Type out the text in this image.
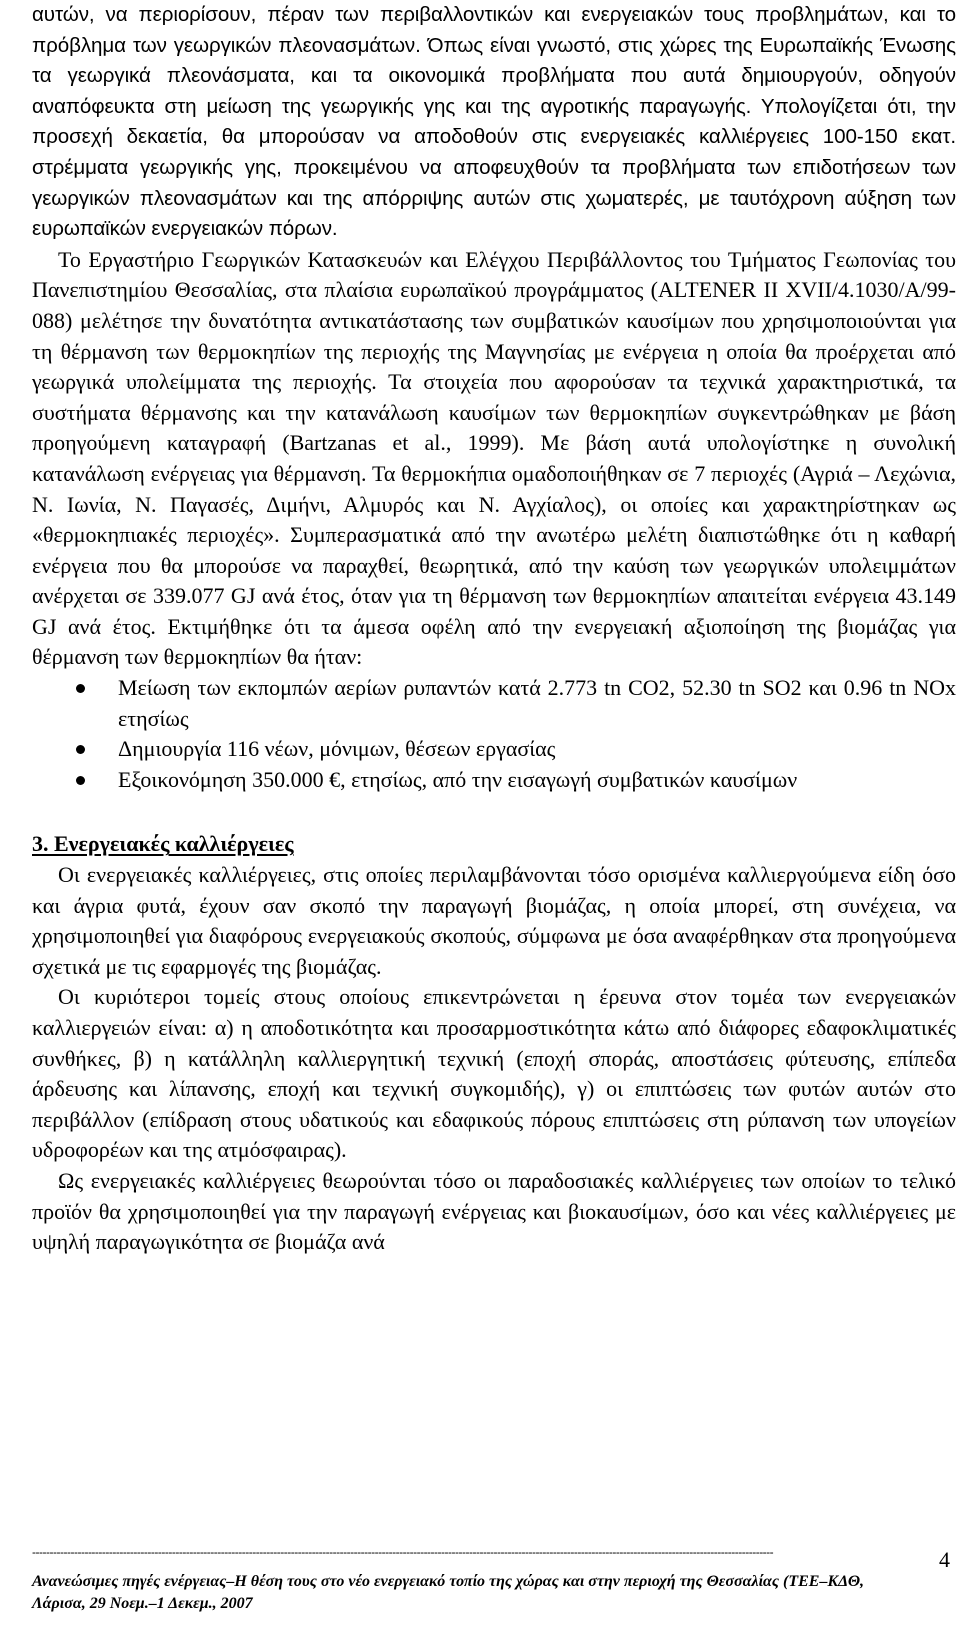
αυτών, να περιορίσουν, πέραν των περιβαλλοντικών και ενεργειακών τους προβλημάτων, και το πρόβλημα των γεωργικών πλεονασμάτων. Όπως είναι γνωστό, στις χώρες της Ευρωπαϊκής Ένωσης τα γεωργικά πλεονάσματα, και τα οικονομικά προβλήματα που αυτά δημιουργούν, οδηγούν αναπόφευκτα στη μείωση της γεωργικής γης και της αγροτικής παραγωγής. Υπολογίζεται ότι, την προσεχή δεκαετία, θα μπορούσαν να αποδοθούν στις ενεργειακές καλλιέργειες 100-150 εκατ. στρέμματα γεωργικής γης, προκειμένου να αποφευχθούν τα προβλήματα των επιδοτήσεων των γεωργικών πλεονασμάτων και της απόρριψης αυτών στις χωματερές, με ταυτόχρονη αύξηση των ευρωπαϊκών ενεργειακών πόρων.

Το Εργαστήριο Γεωργικών Κατασκευών και Ελέγχου Περιβάλλοντος του Τμήματος Γεωπονίας του Πανεπιστημίου Θεσσαλίας, στα πλαίσια ευρωπαϊκού προγράμματος (ALTENER II XVII/4.1030/A/99-088) μελέτησε την δυνατότητα αντικατάστασης των συμβατικών καυσίμων που χρησιμοποιούνται για τη θέρμανση των θερμοκηπίων της περιοχής της Μαγνησίας με ενέργεια η οποία θα προέρχεται από γεωργικά υπολείμματα της περιοχής. Τα στοιχεία που αφορούσαν τα τεχνικά χαρακτηριστικά, τα συστήματα θέρμανσης και την κατανάλωση καυσίμων των θερμοκηπίων συγκεντρώθηκαν με βάση προηγούμενη καταγραφή (Bartzanas et al., 1999). Με βάση αυτά υπολογίστηκε η συνολική κατανάλωση ενέργειας για θέρμανση. Τα θερμοκήπια ομαδοποιήθηκαν σε 7 περιοχές (Αγριά – Λεχώνια, Ν. Ιωνία, Ν. Παγασές, Διμήνι, Αλμυρός και Ν. Αγχίαλος), οι οποίες και χαρακτηρίστηκαν ως «θερμοκηπιακές περιοχές». Συμπερασματικά από την ανωτέρω μελέτη διαπιστώθηκε ότι η καθαρή ενέργεια που θα μπορούσε να παραχθεί, θεωρητικά, από την καύση των γεωργικών υπολειμμάτων ανέρχεται σε 339.077 GJ ανά έτος, όταν για τη θέρμανση των θερμοκηπίων απαιτείται ενέργεια 43.149 GJ ανά έτος. Εκτιμήθηκε ότι τα άμεσα οφέλη από την ενεργειακή αξιοποίηση της βιομάζας για θέρμανση των θερμοκηπίων θα ήταν:

Μείωση των εκπομπών αερίων ρυπαντών κατά 2.773 tn CO2, 52.30 tn SO2 και 0.96 tn NOx ετησίως
Δημιουργία 116 νέων, μόνιμων, θέσεων εργασίας
Εξοικονόμηση 350.000 €, ετησίως, από την εισαγωγή συμβατικών καυσίμων
3. Ενεργειακές καλλιέργειες

Οι ενεργειακές καλλιέργειες, στις οποίες περιλαμβάνονται τόσο ορισμένα καλλιεργούμενα είδη όσο και άγρια φυτά, έχουν σαν σκοπό την παραγωγή βιομάζας, η οποία μπορεί, στη συνέχεια, να χρησιμοποιηθεί για διαφόρους ενεργειακούς σκοπούς, σύμφωνα με όσα αναφέρθηκαν στα προηγούμενα σχετικά με τις εφαρμογές της βιομάζας.

Οι κυριότεροι τομείς στους οποίους επικεντρώνεται η έρευνα στον τομέα των ενεργειακών καλλιεργειών είναι: α) η αποδοτικότητα και προσαρμοστικότητα κάτω από διάφορες εδαφοκλιματικές συνθήκες, β) η κατάλληλη καλλιεργητική τεχνική (εποχή σποράς, αποστάσεις φύτευσης, επίπεδα άρδευσης και λίπανσης, εποχή και τεχνική συγκομιδής), γ) οι επιπτώσεις των φυτών αυτών στο περιβάλλον (επίδραση στους υδατικούς και εδαφικούς πόρους επιπτώσεις στη ρύπανση των υπογείων υδροφορέων και της ατμόσφαιρας).

Ως ενεργειακές καλλιέργειες θεωρούνται τόσο οι παραδοσιακές καλλιέργειες των οποίων το τελικό προϊόν θα χρησιμοποιηθεί για την παραγωγή ενέργειας και βιοκαυσίμων, όσο και νέες καλλιέργειες με υψηλή παραγωγικότητα σε βιομάζα ανά

--------------------------------------------------------------------------------------------------------------------------------------------------------------------------------------------------------------------	4
Ανανεώσιμες πηγές ενέργειας–Η θέση τους στο νέο ενεργειακό τοπίο της χώρας και στην περιοχή της Θεσσαλίας (ΤΕΕ–ΚΔΘ, Λάρισα, 29 Νοεμ.–1 Δεκεμ., 2007
